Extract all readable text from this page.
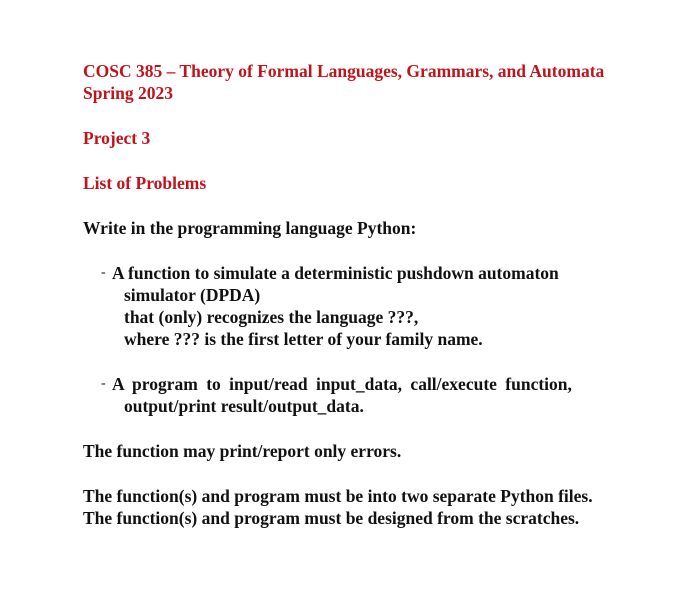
COSC 385 – Theory of Formal Languages, Grammars, and Automata
Spring 2023
Project 3
List of Problems
Write in the programming language Python:
- A function to simulate a deterministic pushdown automaton
simulator (DPDA)
that (only) recognizes the language ???,
where ??? is the first letter of your family name.
- A program to input/read input_data, call/execute function,
output/print result/output_data.
The function may print/report only errors.
The function(s) and program must be into two separate Python files.
The function(s) and program must be designed from the scratches.
